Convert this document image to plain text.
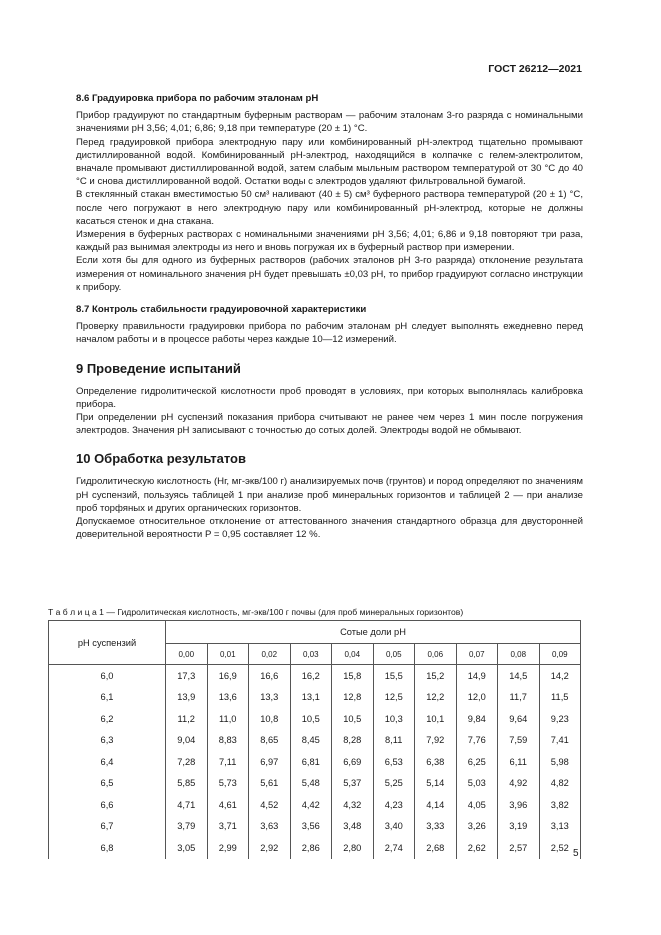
ГОСТ 26212—2021
8.6 Градуировка прибора по рабочим эталонам pH

Прибор градуируют по стандартным буферным растворам — рабочим эталонам 3-го разряда с номинальными значениями pH 3,56; 4,01; 6,86; 9,18 при температуре (20 ± 1) °С.

Перед градуировкой прибора электродную пару или комбинированный pH-электрод тщательно промывают дистиллированной водой. Комбинированный pH-электрод, находящийся в колпачке с гелем-электролитом, вначале промывают дистиллированной водой, затем слабым мыльным раствором температурой от 30 °С до 40 °С и снова дистиллированной водой. Остатки воды с электродов удаляют фильтровальной бумагой.

В стеклянный стакан вместимостью 50 см³ наливают (40 ± 5) см³ буферного раствора температурой (20 ± 1) °С, после чего погружают в него электродную пару или комбинированный pH-электрод, которые не должны касаться стенок и дна стакана.

Измерения в буферных растворах с номинальными значениями pH 3,56; 4,01; 6,86 и 9,18 повторяют три раза, каждый раз вынимая электроды из него и вновь погружая их в буферный раствор при измерении.

Если хотя бы для одного из буферных растворов (рабочих эталонов pH 3-го разряда) отклонение результата измерения от номинального значения pH будет превышать ±0,03 pH, то прибор градуируют согласно инструкции к прибору.

8.7 Контроль стабильности градуировочной характеристики

Проверку правильности градуировки прибора по рабочим эталонам pH следует выполнять ежедневно перед началом работы и в процессе работы через каждые 10—12 измерений.

9 Проведение испытаний

Определение гидролитической кислотности проб проводят в условиях, при которых выполнялась калибровка прибора.

При определении pH суспензий показания прибора считывают не ранее чем через 1 мин после погружения электродов. Значения pH записывают с точностью до сотых долей. Электроды водой не обмывают.

10 Обработка результатов

Гидролитическую кислотность (Hг, мг-экв/100 г) анализируемых почв (грунтов) и пород определяют по значениям pH суспензий, пользуясь таблицей 1 при анализе проб минеральных горизонтов и таблицей 2 — при анализе проб торфяных и других органических горизонтов.

Допускаемое относительное отклонение от аттестованного значения стандартного образца для двусторонней доверительной вероятности P = 0,95 составляет 12 %.

Т а б л и ц а 1 — Гидролитическая кислотность, мг-экв/100 г почвы (для проб минеральных горизонтов)
pH суспензий	Сотые доли pH									
	0,00	0,01	0,02	0,03	0,04	0,05	0,06	0,07	0,08	0,09
6,0	17,3	16,9	16,6	16,2	15,8	15,5	15,2	14,9	14,5	14,2
6,1	13,9	13,6	13,3	13,1	12,8	12,5	12,2	12,0	11,7	11,5
6,2	11,2	11,0	10,8	10,5	10,5	10,3	10,1	9,84	9,64	9,23
6,3	9,04	8,83	8,65	8,45	8,28	8,11	7,92	7,76	7,59	7,41
6,4	7,28	7,11	6,97	6,81	6,69	6,53	6,38	6,25	6,11	5,98
6,5	5,85	5,73	5,61	5,48	5,37	5,25	5,14	5,03	4,92	4,82
6,6	4,71	4,61	4,52	4,42	4,32	4,23	4,14	4,05	3,96	3,82
6,7	3,79	3,71	3,63	3,56	3,48	3,40	3,33	3,26	3,19	3,13
6,8	3,05	2,99	2,92	2,86	2,80	2,74	2,68	2,62	2,57	2,52
5
